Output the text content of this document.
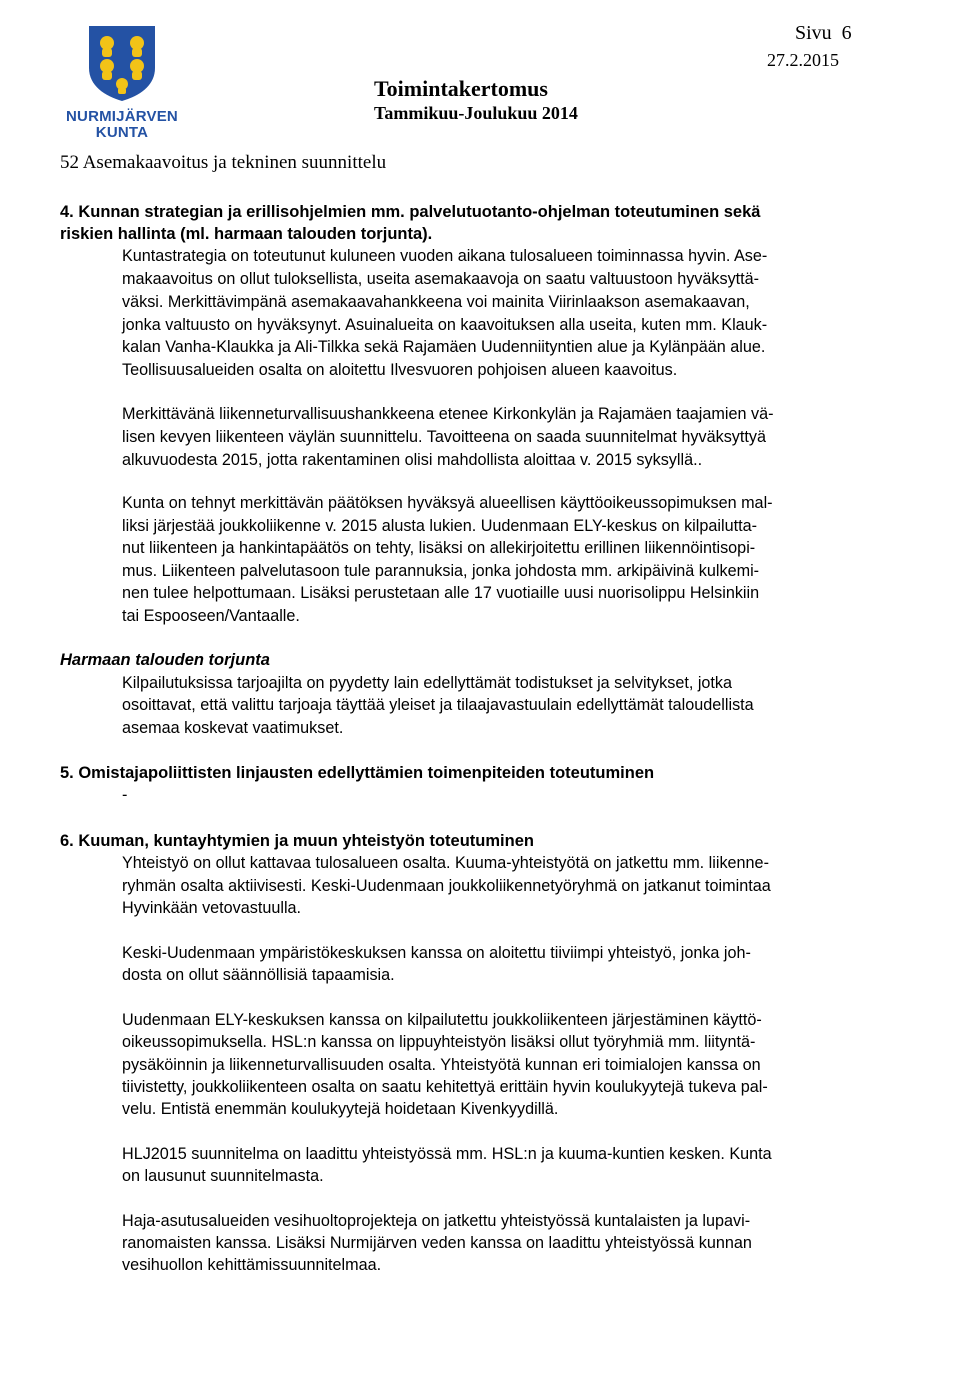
NURMIJÄRVEN
KUNTA
Sivu  6
27.2.2015
Toimintakertomus
Tammikuu-Joulukuu 2014
52 Asemakaavoitus ja tekninen suunnittelu
4. Kunnan strategian ja erillisohjelmien mm. palvelutuotanto-ohjelman toteutuminen sekä
riskien hallinta (ml. harmaan talouden torjunta).
Kuntastrategia on toteutunut kuluneen vuoden aikana tulosalueen toiminnassa hyvin. Ase-
makaavoitus on ollut tuloksellista, useita asemakaavoja on saatu valtuustoon hyväksyttä-
väksi. Merkittävimpänä asemakaavahankkeena voi mainita Viirinlaakson asemakaavan,
jonka valtuusto on hyväksynyt. Asuinalueita on kaavoituksen alla useita, kuten mm. Klauk-
kalan Vanha-Klaukka ja Ali-Tilkka sekä Rajamäen Uudenniityntien alue ja Kylänpään alue.
Teollisuusalueiden osalta on aloitettu Ilvesvuoren pohjoisen alueen kaavoitus.
Merkittävänä liikenneturvallisuushankkeena etenee Kirkonkylän ja Rajamäen taajamien vä-
lisen kevyen liikenteen väylän suunnittelu. Tavoitteena on saada suunnitelmat hyväksyttyä
alkuvuodesta 2015, jotta rakentaminen olisi mahdollista aloittaa v. 2015 syksyllä..
Kunta on tehnyt merkittävän päätöksen hyväksyä alueellisen käyttöoikeussopimuksen mal-
liksi järjestää joukkoliikenne v. 2015 alusta lukien. Uudenmaan ELY-keskus on kilpailutta-
nut liikenteen ja hankintapäätös on tehty, lisäksi on allekirjoitettu erillinen liikennöintisopi-
mus. Liikenteen palvelutasoon tule parannuksia, jonka johdosta mm. arkipäivinä kulkemi-
nen tulee helpottumaan. Lisäksi perustetaan alle 17 vuotiaille uusi nuorisolippu Helsinkiin
tai Espooseen/Vantaalle.
Harmaan talouden torjunta
Kilpailutuksissa tarjoajilta on pyydetty lain edellyttämät todistukset ja selvitykset, jotka
osoittavat, että valittu tarjoaja täyttää yleiset ja tilaajavastuulain edellyttämät taloudellista
asemaa koskevat vaatimukset.
5. Omistajapoliittisten linjausten edellyttämien toimenpiteiden toteutuminen
-
6. Kuuman, kuntayhtymien ja muun yhteistyön toteutuminen
Yhteistyö on ollut kattavaa tulosalueen osalta. Kuuma-yhteistyötä on jatkettu mm. liikenne-
ryhmän osalta aktiivisesti. Keski-Uudenmaan joukkoliikennetyöryhmä on jatkanut toimintaa
Hyvinkään vetovastuulla.
Keski-Uudenmaan ympäristökeskuksen kanssa on aloitettu tiiviimpi yhteistyö, jonka joh-
dosta on ollut säännöllisiä tapaamisia.
Uudenmaan ELY-keskuksen kanssa on kilpailutettu joukkoliikenteen järjestäminen käyttö-
oikeussopimuksella. HSL:n kanssa on lippuyhteistyön lisäksi ollut työryhmiä mm. liityntä-
pysäköinnin ja liikenneturvallisuuden osalta. Yhteistyötä kunnan eri toimialojen kanssa on
tiivistetty, joukkoliikenteen osalta on saatu kehitettyä erittäin hyvin koulukyytejä tukeva pal-
velu. Entistä enemmän koulukyytejä hoidetaan Kivenkyydillä.
HLJ2015 suunnitelma on laadittu yhteistyössä mm. HSL:n ja kuuma-kuntien kesken. Kunta
on lausunut suunnitelmasta.
Haja-asutusalueiden vesihuoltoprojekteja on jatkettu yhteistyössä kuntalaisten ja lupavi-
ranomaisten kanssa. Lisäksi Nurmijärven veden kanssa on laadittu yhteistyössä kunnan
vesihuollon kehittämissuunnitelmaa.
